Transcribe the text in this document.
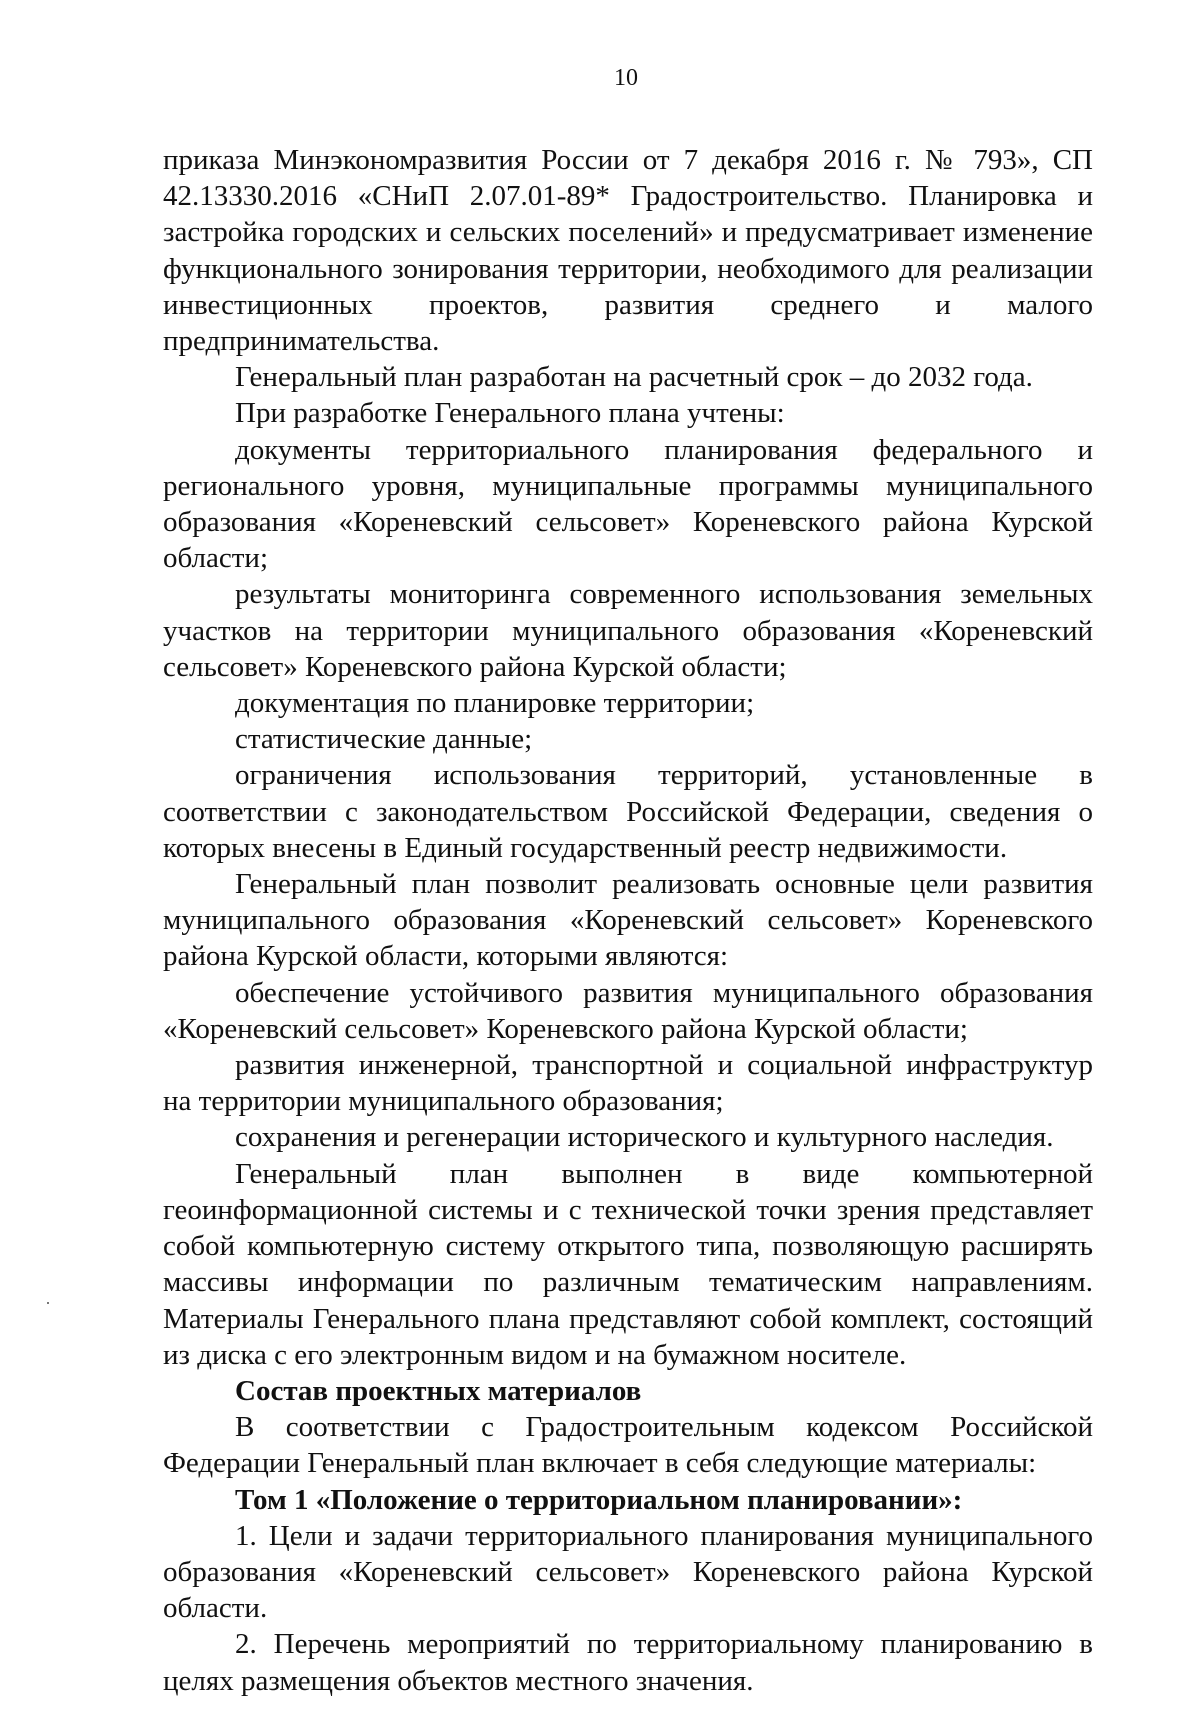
10

приказа Минэкономразвития России от 7 декабря 2016 г. № 793», СП 42.13330.2016 «СНиП 2.07.01-89* Градостроительство. Планировка и застройка городских и сельских поселений» и предусматривает изменение функционального зонирования территории, необходимого для реализации инвестиционных проектов, развития среднего и малого предпринимательства.

Генеральный план разработан на расчетный срок – до 2032 года.

При разработке Генерального плана учтены:

документы территориального планирования федерального и регионального уровня, муниципальные программы муниципального образования «Кореневский сельсовет» Кореневского района Курской области;

результаты мониторинга современного использования земельных участков на территории муниципального образования «Кореневский сельсовет» Кореневского района Курской области;

документация по планировке территории;

статистические данные;

ограничения использования территорий, установленные в соответствии с законодательством Российской Федерации, сведения о которых внесены в Единый государственный реестр недвижимости.

Генеральный план позволит реализовать основные цели развития муниципального образования «Кореневский сельсовет» Кореневского района Курской области, которыми являются:

обеспечение устойчивого развития муниципального образования «Кореневский сельсовет» Кореневского района Курской области;

развития инженерной, транспортной и социальной инфраструктур на территории муниципального образования;

сохранения и регенерации исторического и культурного наследия.

Генеральный план выполнен в виде компьютерной геоинформационной системы и с технической точки зрения представляет собой компьютерную систему открытого типа, позволяющую расширять массивы информации по различным тематическим направлениям. Материалы Генерального плана представляют собой комплект, состоящий из диска с его электронным видом и на бумажном носителе.

Состав проектных материалов

В соответствии с Градостроительным кодексом Российской Федерации Генеральный план включает в себя следующие материалы:

Том 1 «Положение о территориальном планировании»:

1. Цели и задачи территориального планирования муниципального образования «Кореневский сельсовет» Кореневского района Курской области.

2. Перечень мероприятий по территориальному планированию в целях размещения объектов местного значения.
